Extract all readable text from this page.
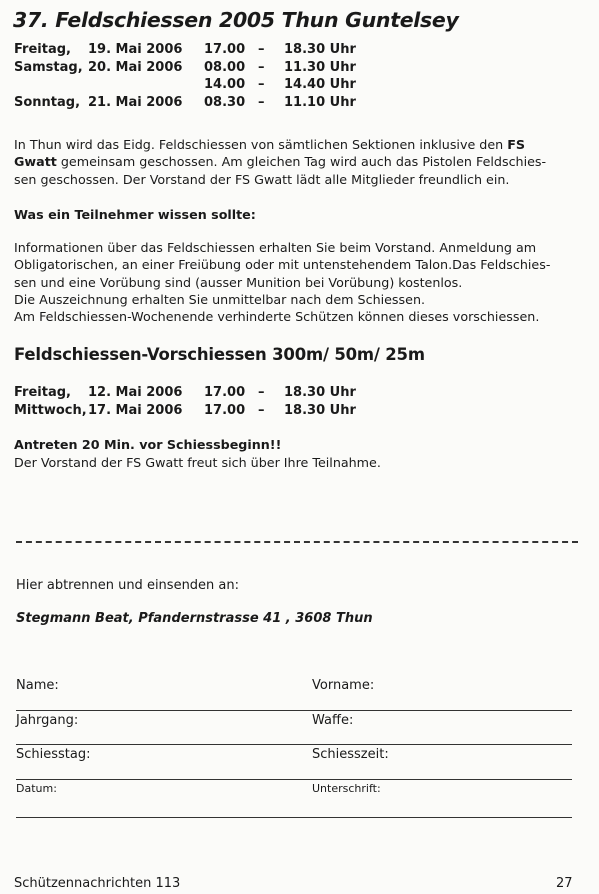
37. Feldschiessen 2005 Thun Guntelsey
Freitag, 19. Mai 2006 17.00 – 18.30 Uhr
Samstag, 20. Mai 2006 08.00 – 11.30 Uhr
14.00 – 14.40 Uhr
Sonntag, 21. Mai 2006 08.30 – 11.10 Uhr

In Thun wird das Eidg. Feldschiessen von sämtlichen Sektionen inklusive den FS

Gwatt gemeinsam geschossen. Am gleichen Tag wird auch das Pistolen Feldschies-

sen geschossen. Der Vorstand der FS Gwatt lädt alle Mitglieder freundlich ein.

Was ein Teilnehmer wissen sollte:

Informationen über das Feldschiessen erhalten Sie beim Vorstand. Anmeldung am

Obligatorischen, an einer Freiübung oder mit untenstehendem Talon.Das Feldschies-

sen und eine Vorübung sind (ausser Munition bei Vorübung) kostenlos.

Die Auszeichnung erhalten Sie unmittelbar nach dem Schiessen.

Am Feldschiessen-Wochenende verhinderte Schützen können dieses vorschiessen.

Feldschiessen-Vorschiessen 300m/ 50m/ 25m
Freitag, 12. Mai 2006 17.00 – 18.30 Uhr
Mittwoch, 17. Mai 2006 17.00 – 18.30 Uhr
Antreten 20 Min. vor Schiessbeginn!!

Der Vorstand der FS Gwatt freut sich über Ihre Teilnahme.

Hier abtrennen und einsenden an:
Stegmann Beat, Pfandernstrasse 41 , 3608 Thun
Name:	Vorname:
Jahrgang:	Waffe:
Schiesstag:	Schiesszeit:
Datum:	Unterschrift:
Schützennachrichten 113	27
